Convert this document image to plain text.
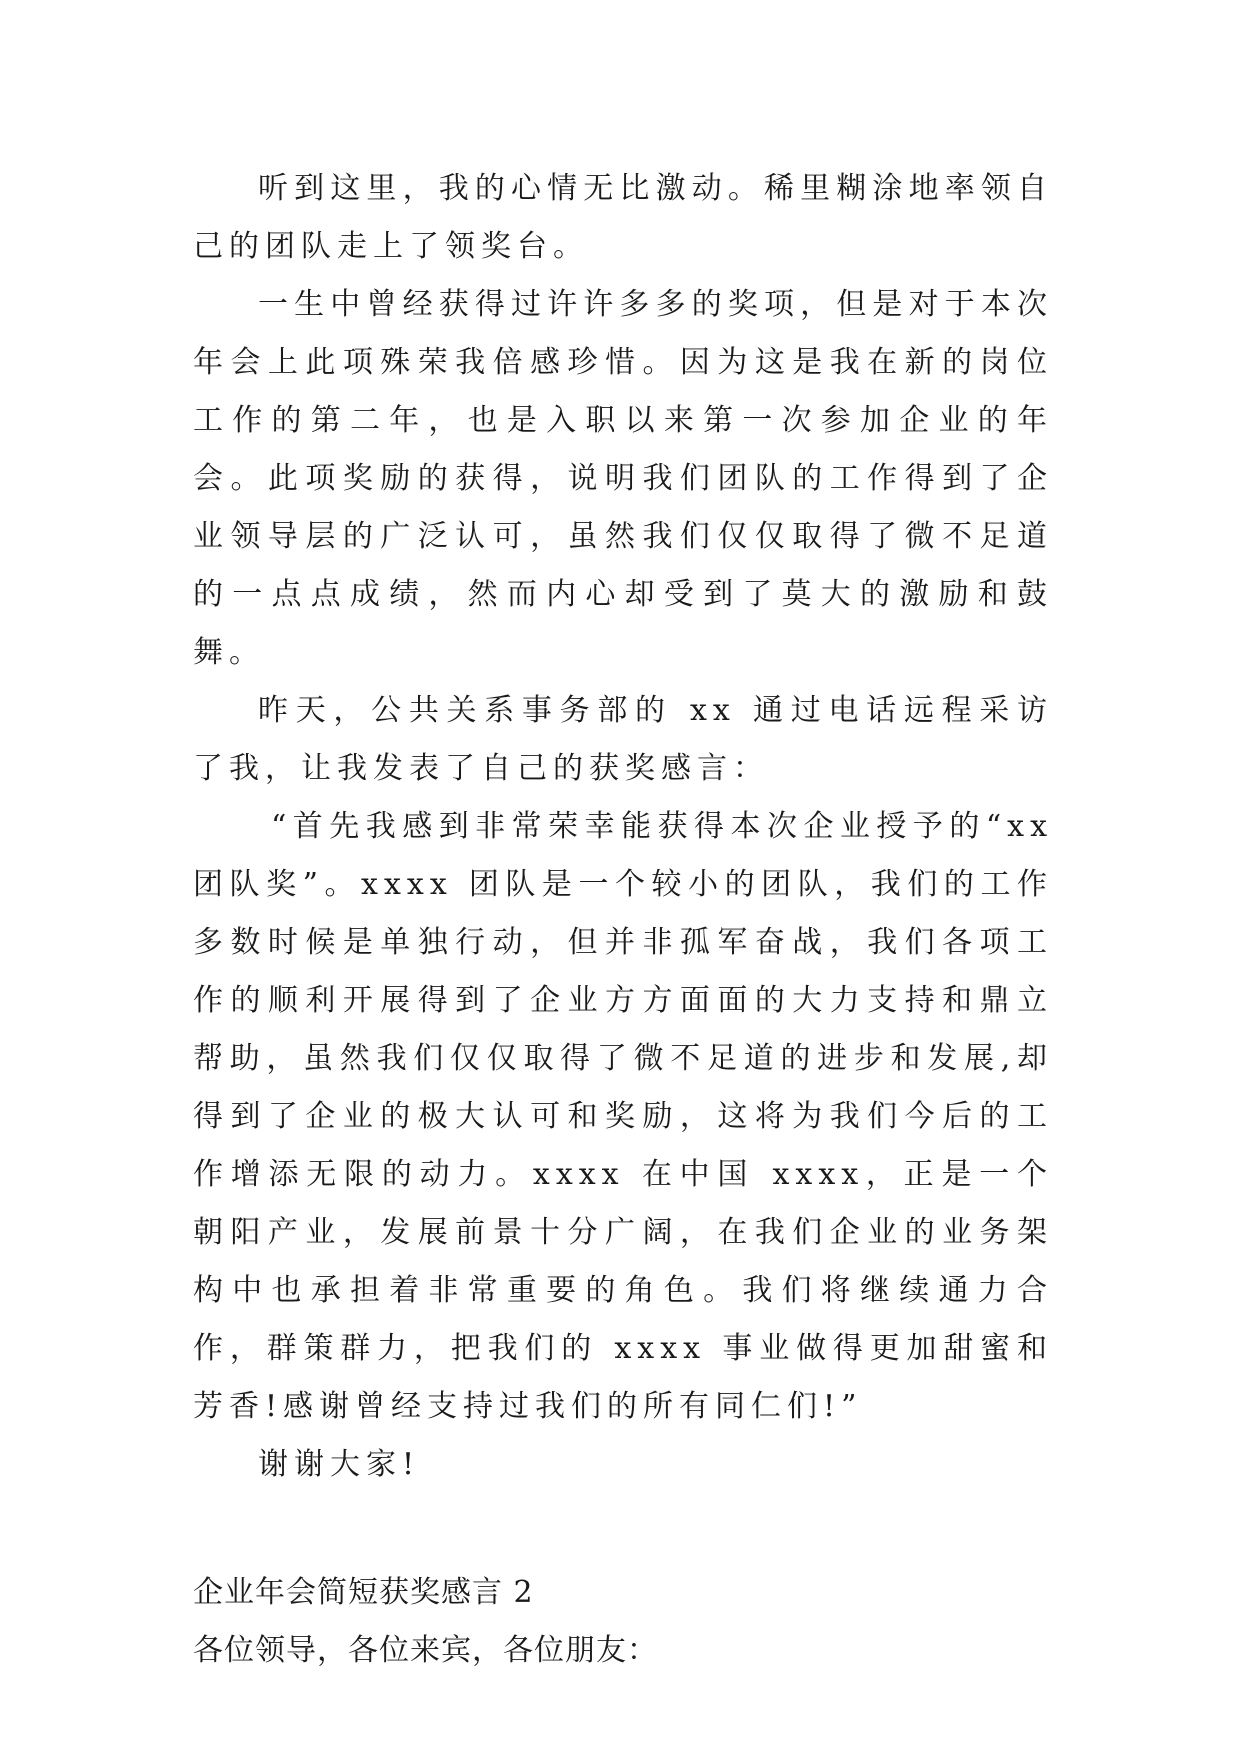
听到这里，我的心情无比激动。稀里糊涂地率领自己的团队走上了领奖台。

一生中曾经获得过许许多多的奖项，但是对于本次年会上此项殊荣我倍感珍惜。因为这是我在新的岗位工作的第二年，也是入职以来第一次参加企业的年会。此项奖励的获得，说明我们团队的工作得到了企业领导层的广泛认可，虽然我们仅仅取得了微不足道的一点点成绩，然而内心却受到了莫大的激励和鼓舞。

昨天，公共关系事务部的 xx 通过电话远程采访了我，让我发表了自己的获奖感言：

“首先我感到非常荣幸能获得本次企业授予的“xx 团队奖”。xxxx 团队是一个较小的团队，我们的工作多数时候是单独行动，但并非孤军奋战，我们各项工作的顺利开展得到了企业方方面面的大力支持和鼎立帮助，虽然我们仅仅取得了微不足道的进步和发展,却得到了企业的极大认可和奖励，这将为我们今后的工作增添无限的动力。xxxx 在中国 xxxx，正是一个朝阳产业，发展前景十分广阔，在我们企业的业务架构中也承担着非常重要的角色。我们将继续通力合作，群策群力，把我们的 xxxx 事业做得更加甜蜜和芳香!感谢曾经支持过我们的所有同仁们!”

谢谢大家!

企业年会简短获奖感言 2

各位领导，各位来宾，各位朋友：
